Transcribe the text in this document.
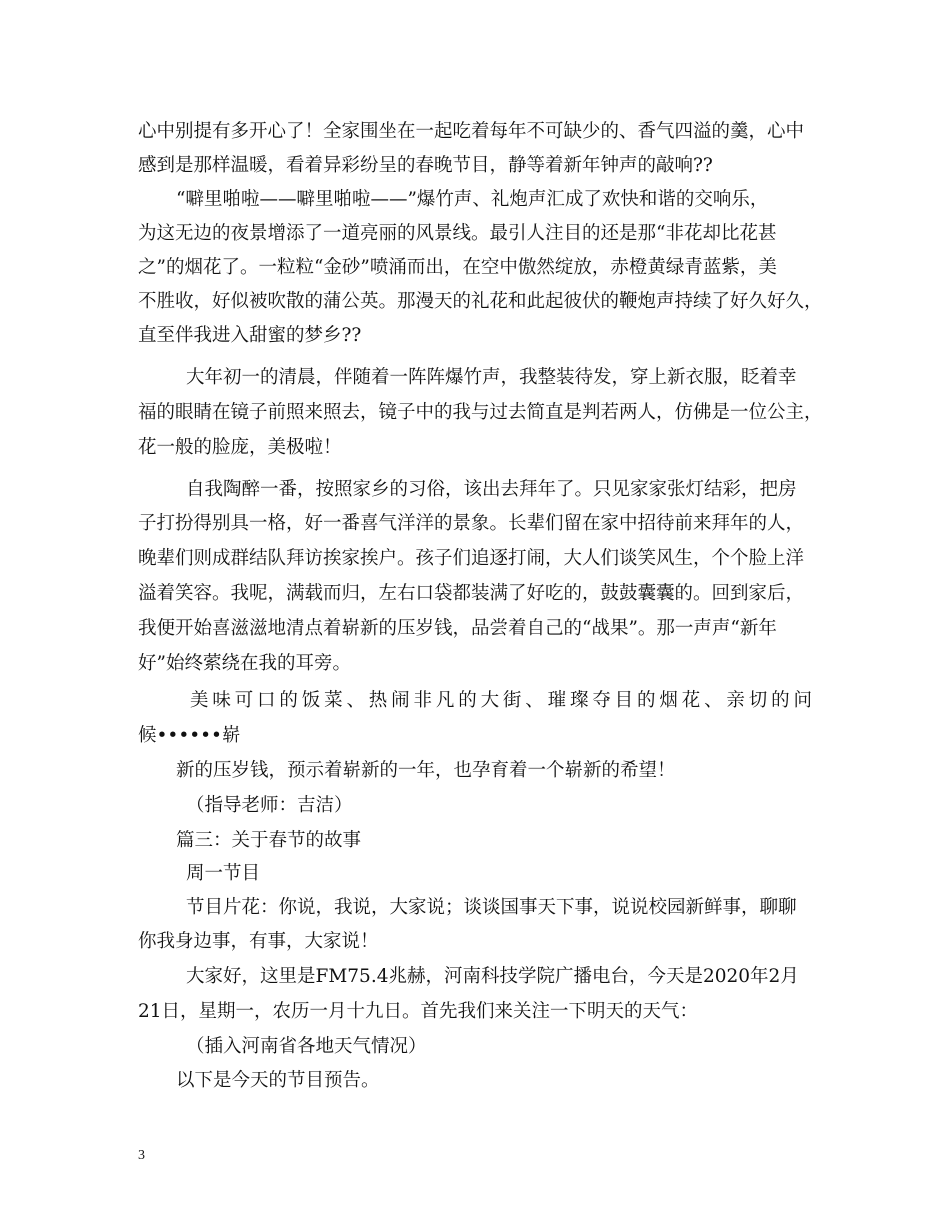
心中别提有多开心了！全家围坐在一起吃着每年不可缺少的、香气四溢的羹，心中
感到是那样温暖，看着异彩纷呈的春晚节目，静等着新年钟声的敲响??
“噼里啪啦——噼里啪啦——”爆竹声、礼炮声汇成了欢快和谐的交响乐，
为这无边的夜景增添了一道亮丽的风景线。最引人注目的还是那“非花却比花甚
之”的烟花了。一粒粒“金砂”喷涌而出，在空中傲然绽放，赤橙黄绿青蓝紫，美
不胜收，好似被吹散的蒲公英。那漫天的礼花和此起彼伏的鞭炮声持续了好久好久，
直至伴我进入甜蜜的梦乡??
大年初一的清晨，伴随着一阵阵爆竹声，我整装待发，穿上新衣服，眨着幸
福的眼睛在镜子前照来照去，镜子中的我与过去简直是判若两人，仿佛是一位公主，
花一般的脸庞，美极啦！
自我陶醉一番，按照家乡的习俗，该出去拜年了。只见家家张灯结彩，把房
子打扮得别具一格，好一番喜气洋洋的景象。长辈们留在家中招待前来拜年的人，
晚辈们则成群结队拜访挨家挨户。孩子们追逐打闹，大人们谈笑风生，个个脸上洋
溢着笑容。我呢，满载而归，左右口袋都装满了好吃的，鼓鼓囊囊的。回到家后，
我便开始喜滋滋地清点着崭新的压岁钱，品尝着自己的“战果”。那一声声“新年
好”始终萦绕在我的耳旁。
美味可口的饭菜、热闹非凡的大街、璀璨夺目的烟花、亲切的问
候••••••崭
新的压岁钱，预示着崭新的一年，也孕育着一个崭新的希望！
（指导老师：吉洁）
篇三：关于春节的故事
周一节目
节目片花：你说，我说，大家说；谈谈国事天下事，说说校园新鲜事，聊聊
你我身边事，有事，大家说！
大家好，这里是FM75.4兆赫，河南科技学院广播电台，今天是2020年2月
21日，星期一，农历一月十九日。首先我们来关注一下明天的天气：
（插入河南省各地天气情况）
以下是今天的节目预告。
3
